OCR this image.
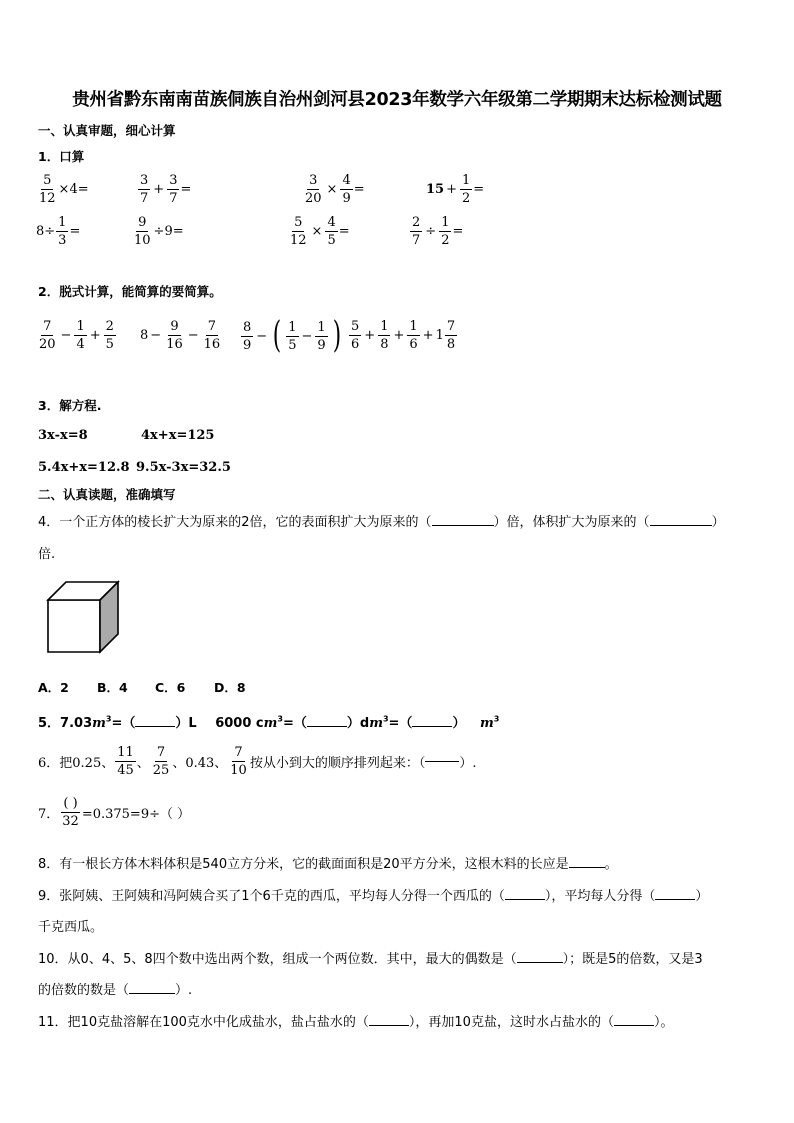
贵州省黔东南南苗族侗族自治州剑河县2023年数学六年级第二学期期末达标检测试题
一、认真审题，细心计算
1．口算
$\frac{5}{12} \times 4=$	$\frac{3}{7} + \frac{3}{7}$ =	$\frac{3}{20} \times \frac{4}{9}$ =	$15 + \frac{1}{2}$ =
$8\div \frac{1}{3}$ =	$\frac{9}{10} \div 9=$	$\frac{5}{12} \times \frac{4}{5}$ =	$\frac{2}{7} \div \frac{1}{2}$ =
2．脱式计算，能简算的要简算。
$\frac{7}{20} - \frac{1}{4} + \frac{2}{5} 8 - \frac{9}{16} - \frac{7}{16} \frac{8}{9}$ − ( $\frac{1}{5} - \frac{1}{9}$ ) $\frac{5}{6} + \frac{1}{8} + \frac{1}{6} + 1 \frac{7}{8}$
3．解方程.
3x-x=8	4x+x=125
5.4x+x=12.8 9.5x-3x=32.5
二、认真读题，准确填写
4．一个正方体的棱长扩大为原来的2倍，它的表面积扩大为原来的（	）倍，体积扩大为原来的（	）
倍.
A．2 B．4 C．6 D．8
5．$7.03m^3=$（	）L 6000 $cm^3=$（	）$dm^3=$（	） $m^3$
6．把0.25、 $\frac{11}{45}$ 、 $\frac{7}{25}$ 、0.43、 $\frac{7}{10}$ 按从小到大的顺序排列起来：（	）.
7． $\frac{( )}{32} =0.375=9\div$（ ）
8．有一根长方体木料体积是540立方分米，它的截面面积是20平方分米，这根木料的长应是	。
9．张阿姨、王阿姨和冯阿姨合买了1个6千克的西瓜，平均每人分得一个西瓜的（	），平均每人分得（	）
千克西瓜。
10．从0、4、5、8四个数中选出两个数，组成一个两位数．其中，最大的偶数是（	）；既是5的倍数，又是3
的倍数的数是（	）.
11．把10克盐溶解在100克水中化成盐水，盐占盐水的（	），再加10克盐，这时水占盐水的（	）。
